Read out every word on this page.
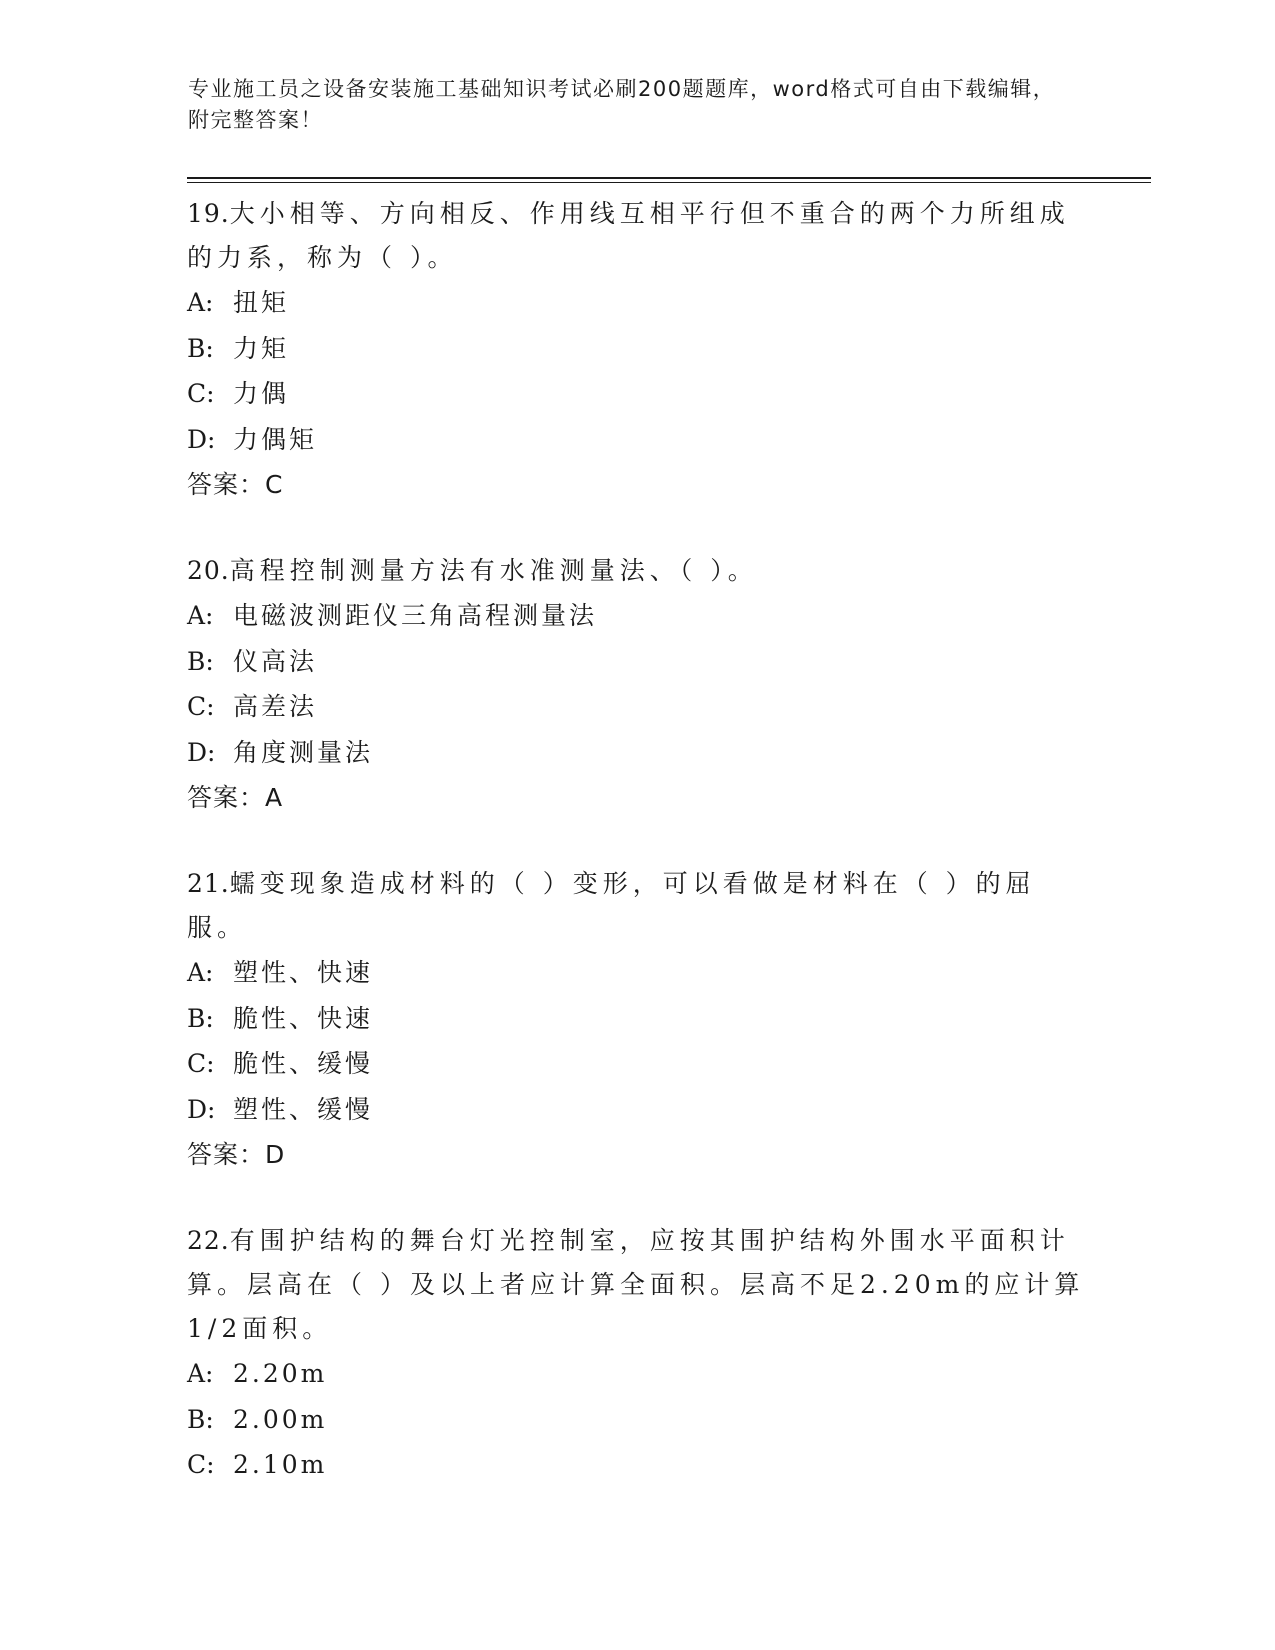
专业施工员之设备安装施工基础知识考试必刷200题题库，word格式可自由下载编辑，附完整答案！

19.大小相等、方向相反、作用线互相平行但不重合的两个力所组成的力系，称为（ ）。

A: 扭矩

B: 力矩

C: 力偶

D: 力偶矩

答案：C

20.高程控制测量方法有水准测量法、（ ）。

A: 电磁波测距仪三角高程测量法

B: 仪高法

C: 高差法

D: 角度测量法

答案：A

21.蠕变现象造成材料的（ ）变形，可以看做是材料在（ ）的屈服。

A: 塑性、快速

B: 脆性、快速

C: 脆性、缓慢

D: 塑性、缓慢

答案：D

22.有围护结构的舞台灯光控制室，应按其围护结构外围水平面积计算。层高在（ ）及以上者应计算全面积。层高不足2.20m的应计算1/2面积。

A: 2.20m

B: 2.00m

C: 2.10m
